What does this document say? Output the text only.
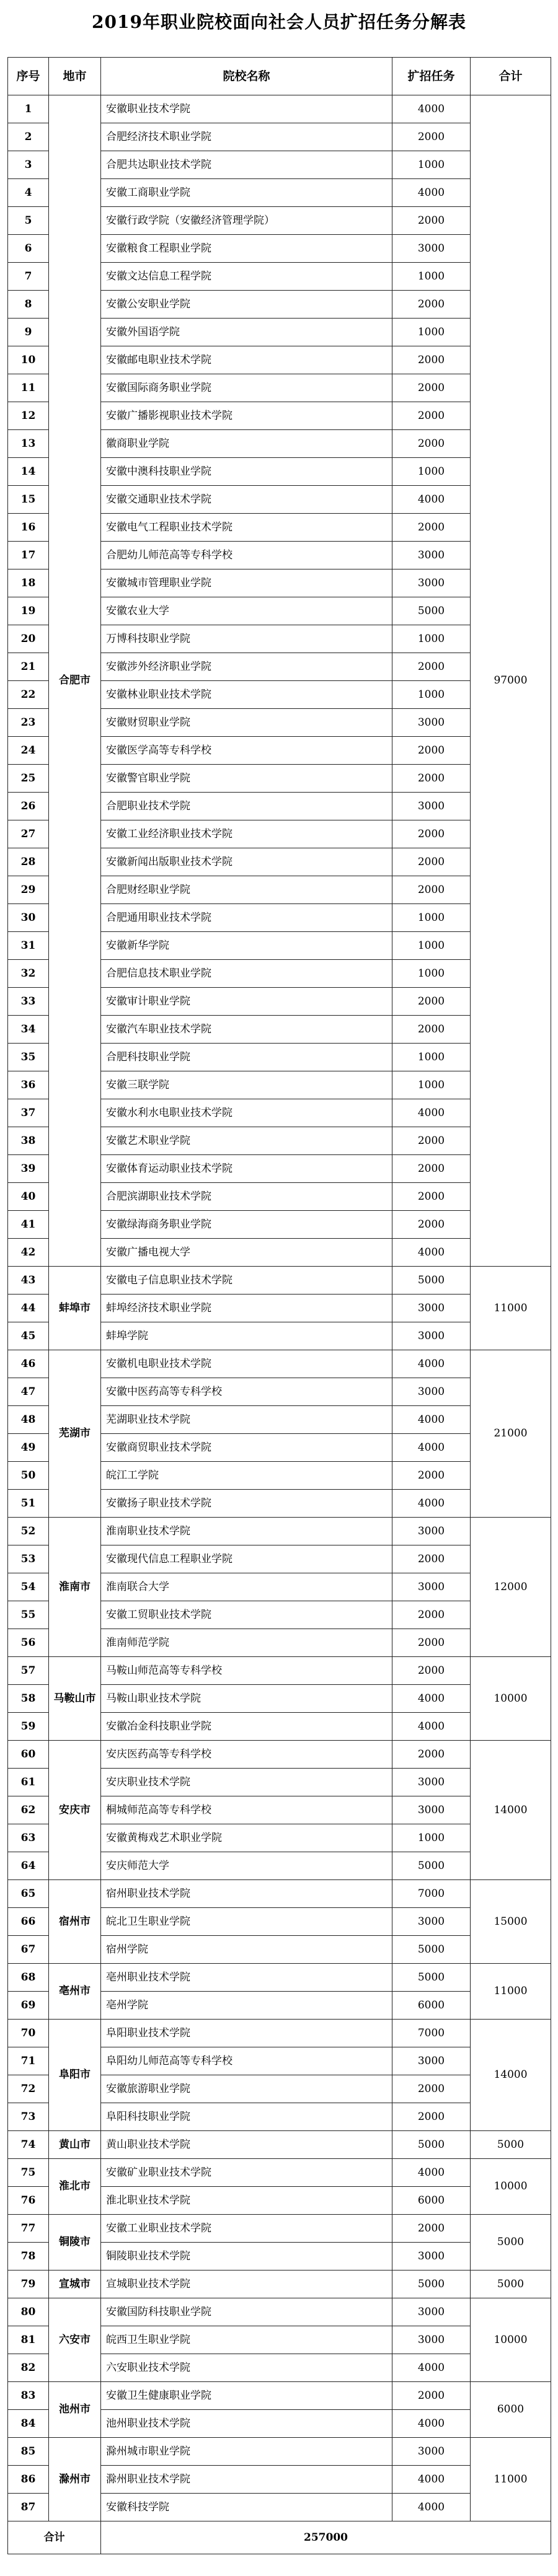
2019年职业院校面向社会人员扩招任务分解表
序号	地市	院校名称	扩招任务	合计
1	合肥市	安徽职业技术学院	4000	97000
2		合肥经济技术职业学院	2000	
3		合肥共达职业技术学院	1000	
4		安徽工商职业学院	4000	
5		安徽行政学院（安徽经济管理学院）	2000	
6		安徽粮食工程职业学院	3000	
7		安徽文达信息工程学院	1000	
8		安徽公安职业学院	2000	
9		安徽外国语学院	1000	
10		安徽邮电职业技术学院	2000	
11		安徽国际商务职业学院	2000	
12		安徽广播影视职业技术学院	2000	
13		徽商职业学院	2000	
14		安徽中澳科技职业学院	1000	
15		安徽交通职业技术学院	4000	
16		安徽电气工程职业技术学院	2000	
17		合肥幼儿师范高等专科学校	3000	
18		安徽城市管理职业学院	3000	
19		安徽农业大学	5000	
20		万博科技职业学院	1000	
21		安徽涉外经济职业学院	2000	
22		安徽林业职业技术学院	1000	
23		安徽财贸职业学院	3000	
24		安徽医学高等专科学校	2000	
25		安徽警官职业学院	2000	
26		合肥职业技术学院	3000	
27		安徽工业经济职业技术学院	2000	
28		安徽新闻出版职业技术学院	2000	
29		合肥财经职业学院	2000	
30		合肥通用职业技术学院	1000	
31		安徽新华学院	1000	
32		合肥信息技术职业学院	1000	
33		安徽审计职业学院	2000	
34		安徽汽车职业技术学院	2000	
35		合肥科技职业学院	1000	
36		安徽三联学院	1000	
37		安徽水利水电职业技术学院	4000	
38		安徽艺术职业学院	2000	
39		安徽体育运动职业技术学院	2000	
40		合肥滨湖职业技术学院	2000	
41		安徽绿海商务职业学院	2000	
42		安徽广播电视大学	4000	
43	蚌埠市	安徽电子信息职业技术学院	5000	11000
44		蚌埠经济技术职业学院	3000	
45		蚌埠学院	3000	
46	芜湖市	安徽机电职业技术学院	4000	21000
47		安徽中医药高等专科学校	3000	
48		芜湖职业技术学院	4000	
49		安徽商贸职业技术学院	4000	
50		皖江工学院	2000	
51		安徽扬子职业技术学院	4000	
52	淮南市	淮南职业技术学院	3000	12000
53		安徽现代信息工程职业学院	2000	
54		淮南联合大学	3000	
55		安徽工贸职业技术学院	2000	
56		淮南师范学院	2000	
57	马鞍山市	马鞍山师范高等专科学校	2000	10000
58		马鞍山职业技术学院	4000	
59		安徽冶金科技职业学院	4000	
60	安庆市	安庆医药高等专科学校	2000	14000
61		安庆职业技术学院	3000	
62		桐城师范高等专科学校	3000	
63		安徽黄梅戏艺术职业学院	1000	
64		安庆师范大学	5000	
65	宿州市	宿州职业技术学院	7000	15000
66		皖北卫生职业学院	3000	
67		宿州学院	5000	
68	亳州市	亳州职业技术学院	5000	11000
69		亳州学院	6000	
70	阜阳市	阜阳职业技术学院	7000	14000
71		阜阳幼儿师范高等专科学校	3000	
72		安徽旅游职业学院	2000	
73		阜阳科技职业学院	2000	
74	黄山市	黄山职业技术学院	5000	5000
75	淮北市	安徽矿业职业技术学院	4000	10000
76		淮北职业技术学院	6000	
77	铜陵市	安徽工业职业技术学院	2000	5000
78		铜陵职业技术学院	3000	
79	宣城市	宣城职业技术学院	5000	5000
80	六安市	安徽国防科技职业学院	3000	10000
81		皖西卫生职业学院	3000	
82		六安职业技术学院	4000	
83	池州市	安徽卫生健康职业学院	2000	6000
84		池州职业技术学院	4000	
85	滁州市	滁州城市职业学院	3000	11000
86		滁州职业技术学院	4000	
87		安徽科技学院	4000	
合计		257000		
